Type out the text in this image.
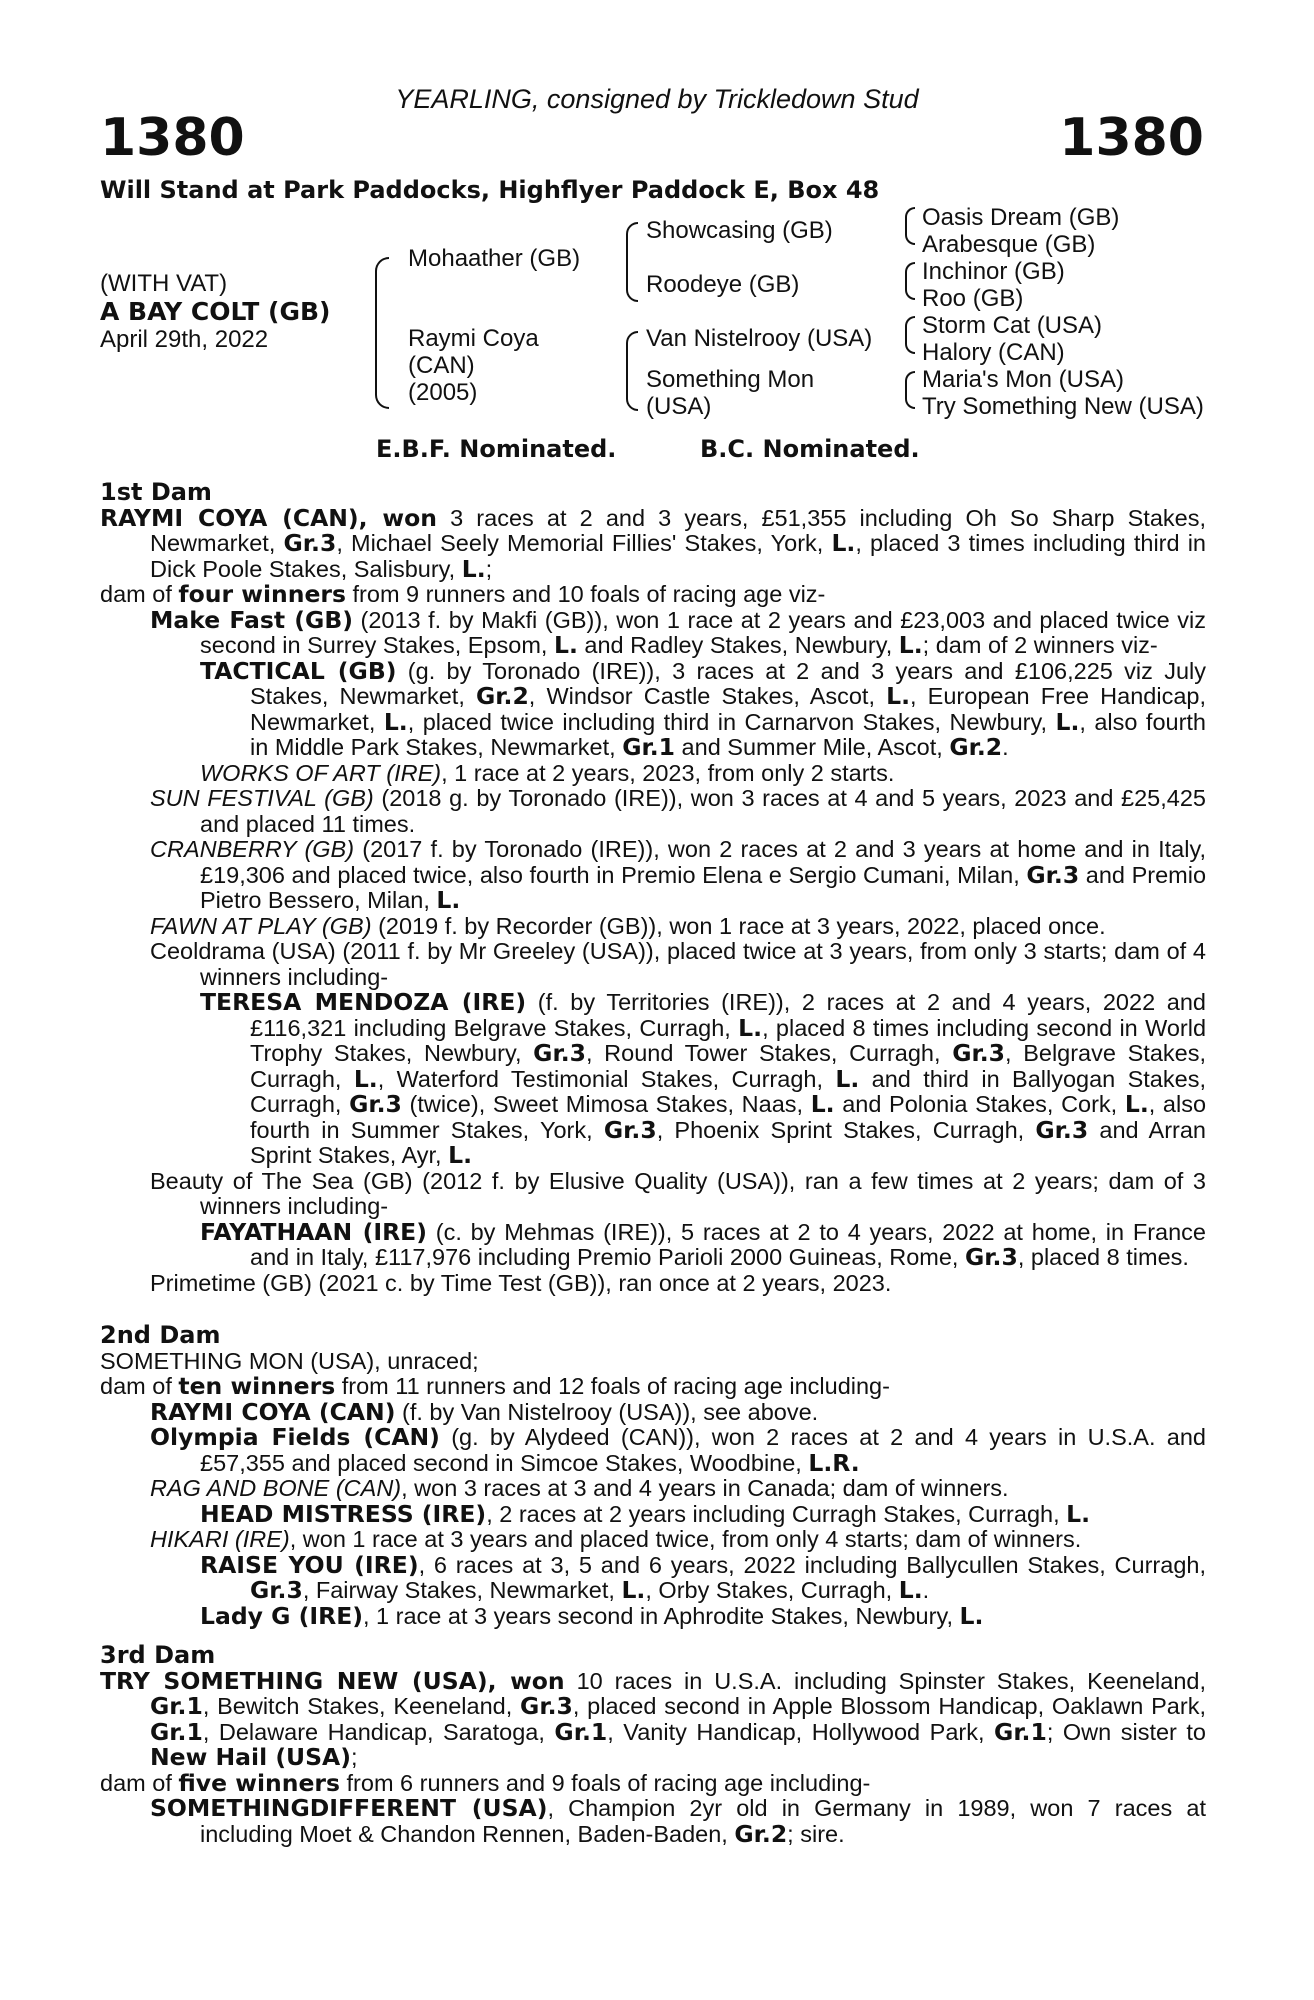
YEARLING, consigned by Trickledown Stud
1380	1380
Will Stand at Park Paddocks, Highflyer Paddock E, Box 48
(WITH VAT)
A BAY COLT (GB)
April 29th, 2022
Mohaather (GB)
Raymi Coya
(CAN)
(2005)
Showcasing (GB)
Roodeye (GB)
Van Nistelrooy (USA)
Something Mon
(USA)
Oasis Dream (GB)
Arabesque (GB)
Inchinor (GB)
Roo (GB)
Storm Cat (USA)
Halory (CAN)
Maria's Mon (USA)
Try Something New (USA)
E.B.F. Nominated.	B.C. Nominated.

1st Dam

RAYMI COYA (CAN), won 3 races at 2 and 3 years, £51,355 including Oh So Sharp Stakes, Newmarket, Gr.3, Michael Seely Memorial Fillies' Stakes, York, L., placed 3 times including third in Dick Poole Stakes, Salisbury, L.;

dam of four winners from 9 runners and 10 foals of racing age viz-

Make Fast (GB) (2013 f. by Makfi (GB)), won 1 race at 2 years and £23,003 and placed twice viz second in Surrey Stakes, Epsom, L. and Radley Stakes, Newbury, L.; dam of 2 winners viz-

TACTICAL (GB) (g. by Toronado (IRE)), 3 races at 2 and 3 years and £106,225 viz July Stakes, Newmarket, Gr.2, Windsor Castle Stakes, Ascot, L., European Free Handicap, Newmarket, L., placed twice including third in Carnarvon Stakes, Newbury, L., also fourth in Middle Park Stakes, Newmarket, Gr.1 and Summer Mile, Ascot, Gr.2.

WORKS OF ART (IRE), 1 race at 2 years, 2023, from only 2 starts.

SUN FESTIVAL (GB) (2018 g. by Toronado (IRE)), won 3 races at 4 and 5 years, 2023 and £25,425 and placed 11 times.

CRANBERRY (GB) (2017 f. by Toronado (IRE)), won 2 races at 2 and 3 years at home and in Italy, £19,306 and placed twice, also fourth in Premio Elena e Sergio Cumani, Milan, Gr.3 and Premio Pietro Bessero, Milan, L.

FAWN AT PLAY (GB) (2019 f. by Recorder (GB)), won 1 race at 3 years, 2022, placed once.

Ceoldrama (USA) (2011 f. by Mr Greeley (USA)), placed twice at 3 years, from only 3 starts; dam of 4 winners including-

TERESA MENDOZA (IRE) (f. by Territories (IRE)), 2 races at 2 and 4 years, 2022 and £116,321 including Belgrave Stakes, Curragh, L., placed 8 times including second in World Trophy Stakes, Newbury, Gr.3, Round Tower Stakes, Curragh, Gr.3, Belgrave Stakes, Curragh, L., Waterford Testimonial Stakes, Curragh, L. and third in Ballyogan Stakes, Curragh, Gr.3 (twice), Sweet Mimosa Stakes, Naas, L. and Polonia Stakes, Cork, L., also fourth in Summer Stakes, York, Gr.3, Phoenix Sprint Stakes, Curragh, Gr.3 and Arran Sprint Stakes, Ayr, L.

Beauty of The Sea (GB) (2012 f. by Elusive Quality (USA)), ran a few times at 2 years; dam of 3 winners including-

FAYATHAAN (IRE) (c. by Mehmas (IRE)), 5 races at 2 to 4 years, 2022 at home, in France and in Italy, £117,976 including Premio Parioli 2000 Guineas, Rome, Gr.3, placed 8 times.

Primetime (GB) (2021 c. by Time Test (GB)), ran once at 2 years, 2023.

2nd Dam

SOMETHING MON (USA), unraced;

dam of ten winners from 11 runners and 12 foals of racing age including-

RAYMI COYA (CAN) (f. by Van Nistelrooy (USA)), see above.

Olympia Fields (CAN) (g. by Alydeed (CAN)), won 2 races at 2 and 4 years in U.S.A. and £57,355 and placed second in Simcoe Stakes, Woodbine, L.R.

RAG AND BONE (CAN), won 3 races at 3 and 4 years in Canada; dam of winners.

HEAD MISTRESS (IRE), 2 races at 2 years including Curragh Stakes, Curragh, L.

HIKARI (IRE), won 1 race at 3 years and placed twice, from only 4 starts; dam of winners.

RAISE YOU (IRE), 6 races at 3, 5 and 6 years, 2022 including Ballycullen Stakes, Curragh, Gr.3, Fairway Stakes, Newmarket, L., Orby Stakes, Curragh, L..

Lady G (IRE), 1 race at 3 years second in Aphrodite Stakes, Newbury, L.

3rd Dam

TRY SOMETHING NEW (USA), won 10 races in U.S.A. including Spinster Stakes, Keeneland, Gr.1, Bewitch Stakes, Keeneland, Gr.3, placed second in Apple Blossom Handicap, Oaklawn Park, Gr.1, Delaware Handicap, Saratoga, Gr.1, Vanity Handicap, Hollywood Park, Gr.1; Own sister to New Hail (USA);

dam of five winners from 6 runners and 9 foals of racing age including-

SOMETHINGDIFFERENT (USA), Champion 2yr old in Germany in 1989, won 7 races at including Moet & Chandon Rennen, Baden-Baden, Gr.2; sire.
